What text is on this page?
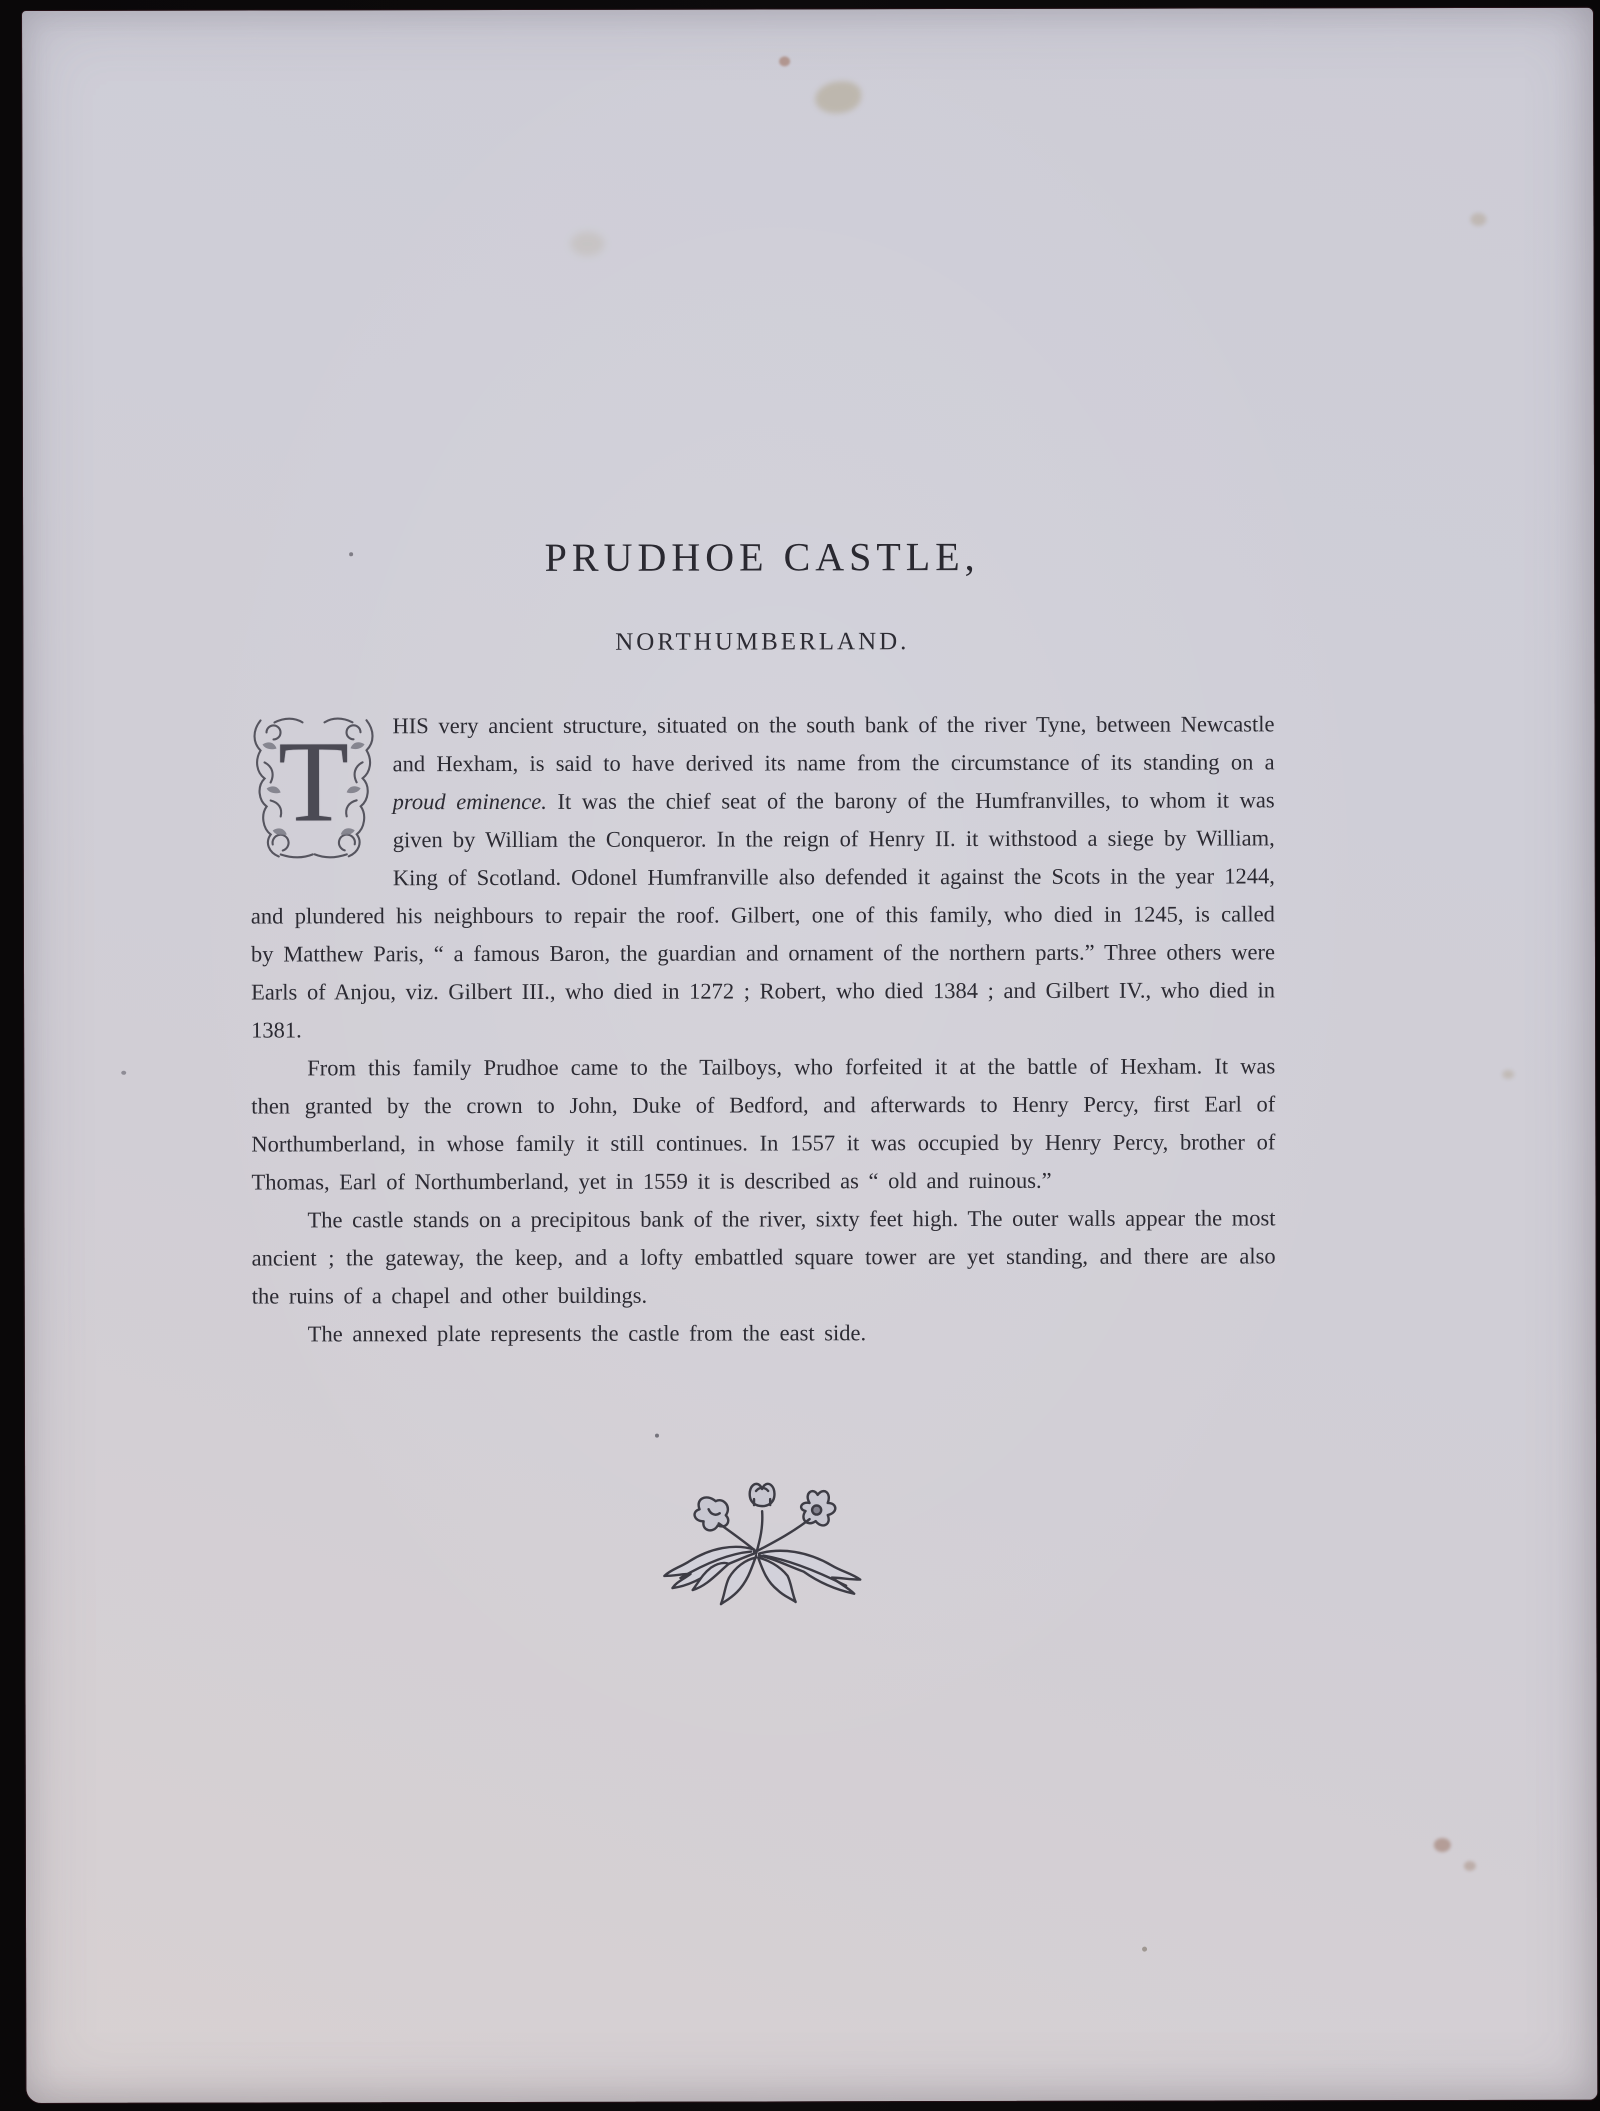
PRUDHOE CASTLE,
NORTHUMBERLAND.

T HIS very ancient structure, situated on the south bank of the river Tyne, between Newcastle and Hexham, is said to have derived its name from the circumstance of its standing on a proud eminence. It was the chief seat of the barony of the Humfranvilles, to whom it was given by William the Conqueror. In the reign of Henry II. it withstood a siege by William, King of Scotland. Odonel Humfranville also defended it against the Scots in the year 1244, and plundered his neighbours to repair the roof. Gilbert, one of this family, who died in 1245, is called by Matthew Paris, “ a famous Baron, the guardian and ornament of the northern parts.” Three others were Earls of Anjou, viz. Gilbert III., who died in 1272 ; Robert, who died 1384 ; and Gilbert IV., who died in 1381.

From this family Prudhoe came to the Tailboys, who forfeited it at the battle of Hexham. It was then granted by the crown to John, Duke of Bedford, and afterwards to Henry Percy, first Earl of Northumberland, in whose family it still continues. In 1557 it was occupied by Henry Percy, brother of Thomas, Earl of Northumberland, yet in 1559 it is described as “ old and ruinous.”

The castle stands on a precipitous bank of the river, sixty feet high. The outer walls appear the most ancient ; the gateway, the keep, and a lofty embattled square tower are yet standing, and there are also the ruins of a chapel and other buildings.

The annexed plate represents the castle from the east side.
